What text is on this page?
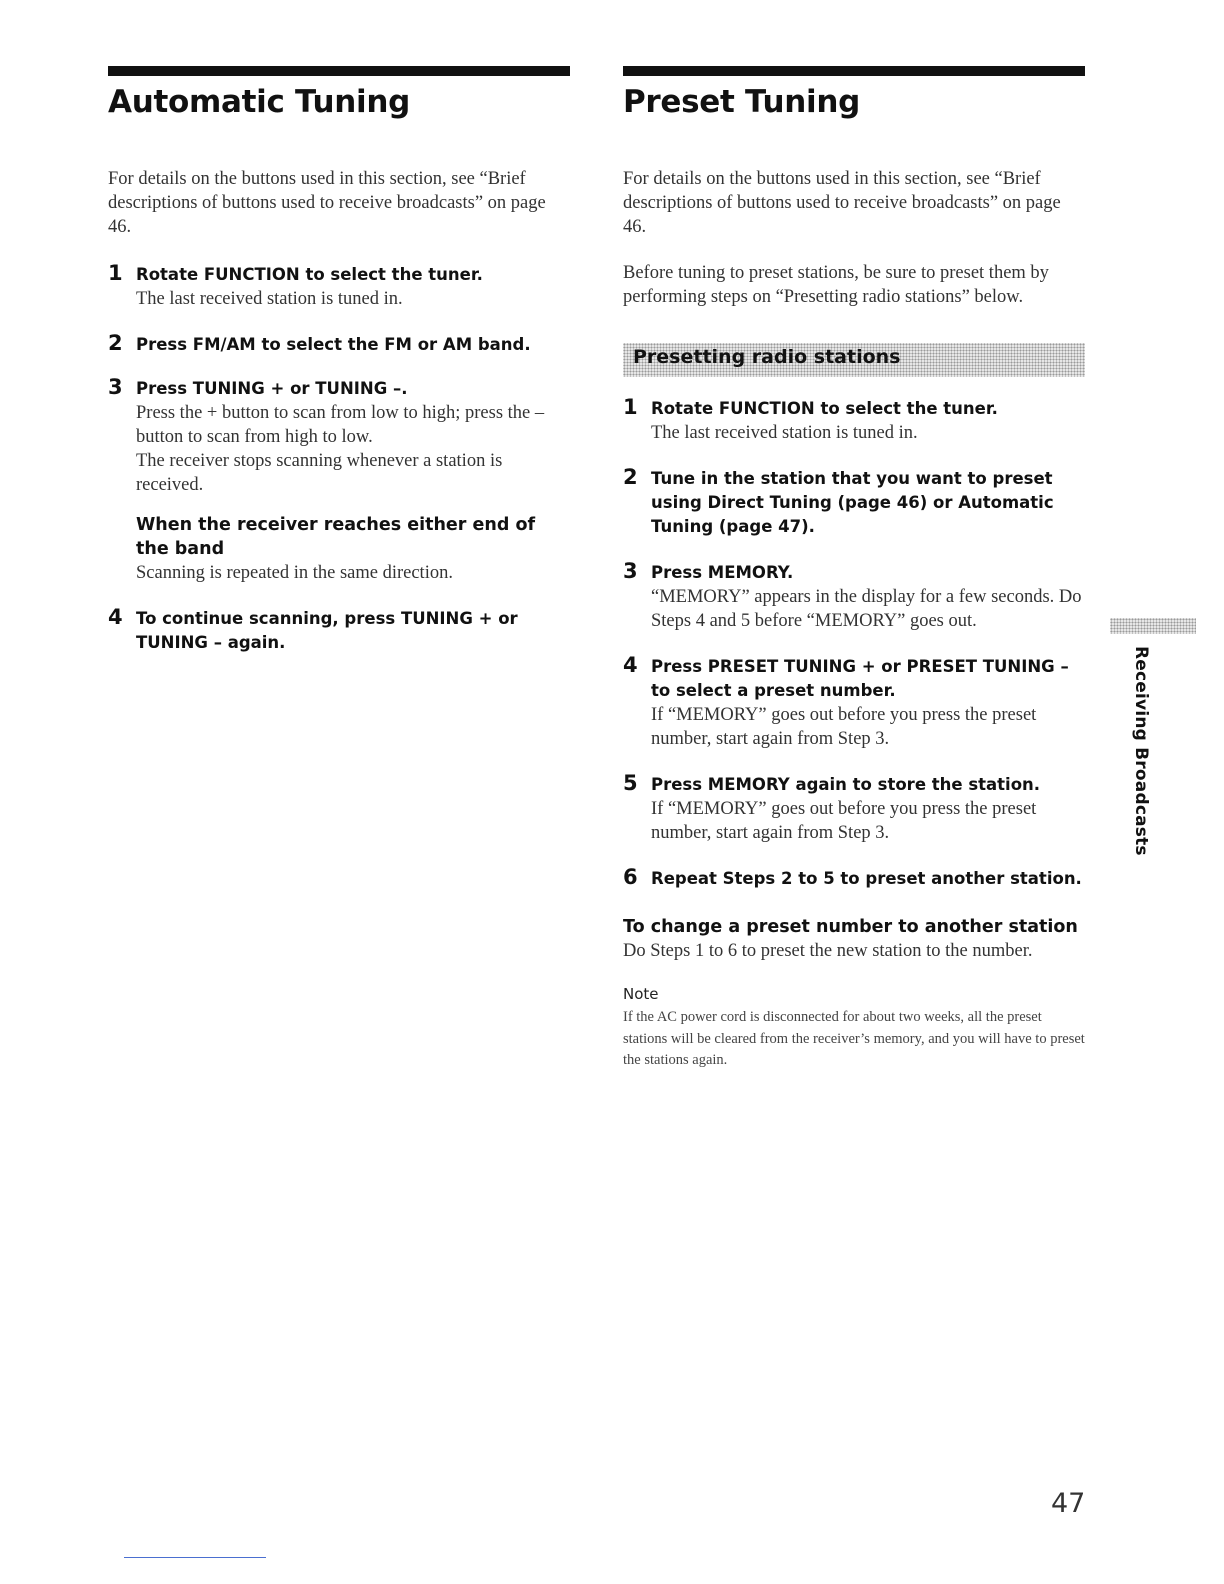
Automatic Tuning

For details on the buttons used in this section, see “Brief descriptions of buttons used to receive broadcasts” on page 46.

1 Rotate FUNCTION to select the tuner.

The last received station is tuned in.

2 Press FM/AM to select the FM or AM band.

3 Press TUNING + or TUNING –.

Press the + button to scan from low to high; press the – button to scan from high to low.

The receiver stops scanning whenever a station is received.

When the receiver reaches either end of the band

Scanning is repeated in the same direction.

4 To continue scanning, press TUNING + or TUNING – again.

Preset Tuning

For details on the buttons used in this section, see “Brief descriptions of buttons used to receive broadcasts” on page 46.

Before tuning to preset stations, be sure to preset them by performing steps on “Presetting radio stations” below.

Presetting radio stations
1 Rotate FUNCTION to select the tuner.

The last received station is tuned in.

2 Tune in the station that you want to preset using Direct Tuning (page 46) or Automatic Tuning (page 47).

3 Press MEMORY.

“MEMORY” appears in the display for a few seconds. Do Steps 4 and 5 before “MEMORY” goes out.

4 Press PRESET TUNING + or PRESET TUNING – to select a preset number.

If “MEMORY” goes out before you press the preset number, start again from Step 3.

5 Press MEMORY again to store the station.

If “MEMORY” goes out before you press the preset number, start again from Step 3.

6 Repeat Steps 2 to 5 to preset another station.

To change a preset number to another station

Do Steps 1 to 6 to preset the new station to the number.

Note

If the AC power cord is disconnected for about two weeks, all the preset stations will be cleared from the receiver’s memory, and you will have to preset the stations again.

Receiving Broadcasts
47
